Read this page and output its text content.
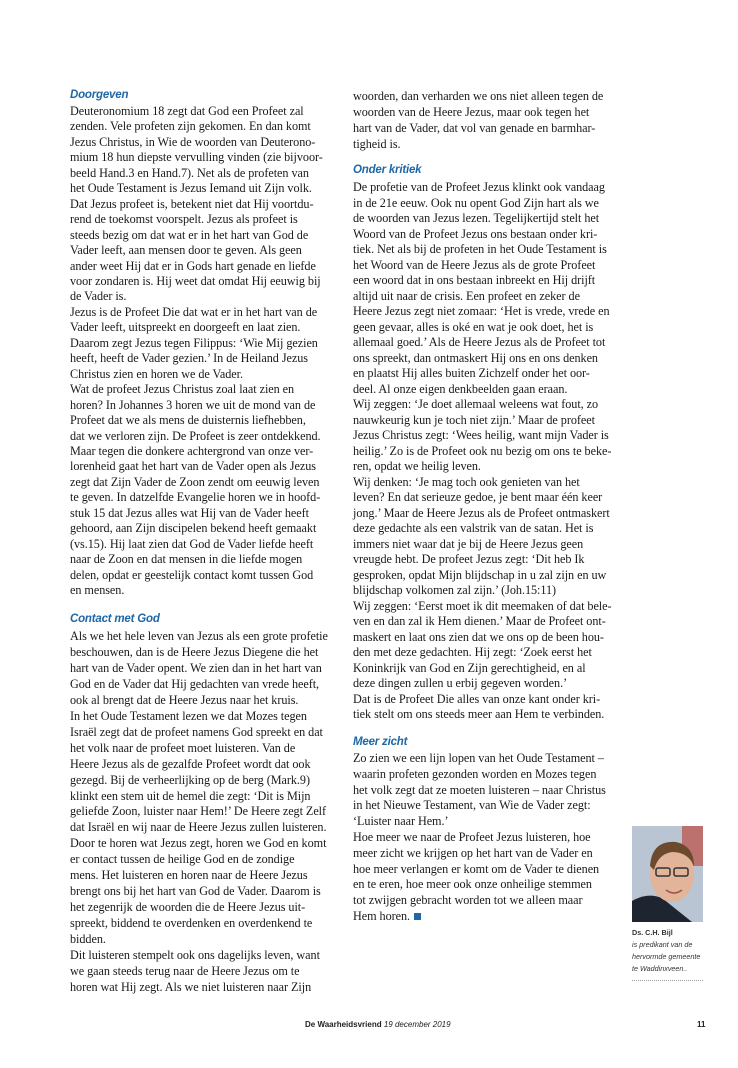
Doorgeven
Deuteronomium 18 zegt dat God een Profeet zal
zenden. Vele profeten zijn gekomen. En dan komt
Jezus Christus, in Wie de woorden van Deuterono-
mium 18 hun diepste vervulling vinden (zie bijvoor-
beeld Hand.3 en Hand.7). Net als de profeten van
het Oude Testament is Jezus Iemand uit Zijn volk.
Dat Jezus profeet is, betekent niet dat Hij voortdu-
rend de toekomst voorspelt. Jezus als profeet is
steeds bezig om dat wat er in het hart van God de
Vader leeft, aan mensen door te geven. Als geen
ander weet Hij dat er in Gods hart genade en liefde
voor zondaren is. Hij weet dat omdat Hij eeuwig bij
de Vader is.
Jezus is de Profeet Die dat wat er in het hart van de
Vader leeft, uitspreekt en doorgeeft en laat zien.
Daarom zegt Jezus tegen Filippus: ‘Wie Mij gezien
heeft, heeft de Vader gezien.’ In de Heiland Jezus
Christus zien en horen we de Vader.
Wat de profeet Jezus Christus zoal laat zien en
horen? In Johannes 3 horen we uit de mond van de
Profeet dat we als mens de duisternis liefhebben,
dat we verloren zijn. De Profeet is zeer ontdekkend.
Maar tegen die donkere achtergrond van onze ver-
lorenheid gaat het hart van de Vader open als Jezus
zegt dat Zijn Vader de Zoon zendt om eeuwig leven
te geven. In datzelfde Evangelie horen we in hoofd-
stuk 15 dat Jezus alles wat Hij van de Vader heeft
gehoord, aan Zijn discipelen bekend heeft gemaakt
(vs.15). Hij laat zien dat God de Vader liefde heeft
naar de Zoon en dat mensen in die liefde mogen
delen, opdat er geestelijk contact komt tussen God
en mensen.
Contact met God
Als we het hele leven van Jezus als een grote profetie
beschouwen, dan is de Heere Jezus Diegene die het
hart van de Vader opent. We zien dan in het hart van
God en de Vader dat Hij gedachten van vrede heeft,
ook al brengt dat de Heere Jezus naar het kruis.
In het Oude Testament lezen we dat Mozes tegen
Israël zegt dat de profeet namens God spreekt en dat
het volk naar de profeet moet luisteren. Van de
Heere Jezus als de gezalfde Profeet wordt dat ook
gezegd. Bij de verheerlijking op de berg (Mark.9)
klinkt een stem uit de hemel die zegt: ‘Dit is Mijn
geliefde Zoon, luister naar Hem!’ De Heere zegt Zelf
dat Israël en wij naar de Heere Jezus zullen luisteren.
Door te horen wat Jezus zegt, horen we God en komt
er contact tussen de heilige God en de zondige
mens. Het luisteren en horen naar de Heere Jezus
brengt ons bij het hart van God de Vader. Daarom is
het zegenrijk de woorden die de Heere Jezus uit-
spreekt, biddend te overdenken en overdenkend te
bidden.
Dit luisteren stempelt ook ons dagelijks leven, want
we gaan steeds terug naar de Heere Jezus om te
horen wat Hij zegt. Als we niet luisteren naar Zijn
woorden, dan verharden we ons niet alleen tegen de
woorden van de Heere Jezus, maar ook tegen het
hart van de Vader, dat vol van genade en barmhar-
tigheid is.
Onder kritiek
De profetie van de Profeet Jezus klinkt ook vandaag
in de 21e eeuw. Ook nu opent God Zijn hart als we
de woorden van Jezus lezen. Tegelijkertijd stelt het
Woord van de Profeet Jezus ons bestaan onder kri-
tiek. Net als bij de profeten in het Oude Testament is
het Woord van de Heere Jezus als de grote Profeet
een woord dat in ons bestaan inbreekt en Hij drijft
altijd uit naar de crisis. Een profeet en zeker de
Heere Jezus zegt niet zomaar: ‘Het is vrede, vrede en
geen gevaar, alles is oké en wat je ook doet, het is
allemaal goed.’ Als de Heere Jezus als de Profeet tot
ons spreekt, dan ontmaskert Hij ons en ons denken
en plaatst Hij alles buiten Zichzelf onder het oor-
deel. Al onze eigen denkbeelden gaan eraan.
Wij zeggen: ‘Je doet allemaal weleens wat fout, zo
nauwkeurig kun je toch niet zijn.’ Maar de profeet
Jezus Christus zegt: ‘Wees heilig, want mijn Vader is
heilig.’ Zo is de Profeet ook nu bezig om ons te beke-
ren, opdat we heilig leven.
Wij denken: ‘Je mag toch ook genieten van het
leven? En dat serieuze gedoe, je bent maar één keer
jong.’ Maar de Heere Jezus als de Profeet ontmaskert
deze gedachte als een valstrik van de satan. Het is
immers niet waar dat je bij de Heere Jezus geen
vreugde hebt. De profeet Jezus zegt: ‘Dit heb Ik
gesproken, opdat Mijn blijdschap in u zal zijn en uw
blijdschap volkomen zal zijn.’ (Joh.15:11)
Wij zeggen: ‘Eerst moet ik dit meemaken of dat bele-
ven en dan zal ik Hem dienen.’ Maar de Profeet ont-
maskert en laat ons zien dat we ons op de been hou-
den met deze gedachten. Hij zegt: ‘Zoek eerst het
Koninkrijk van God en Zijn gerechtigheid, en al
deze dingen zullen u erbij gegeven worden.’
Dat is de Profeet Die alles van onze kant onder kri-
tiek stelt om ons steeds meer aan Hem te verbinden.
Meer zicht
Zo zien we een lijn lopen van het Oude Testament –
waarin profeten gezonden worden en Mozes tegen
het volk zegt dat ze moeten luisteren – naar Christus
in het Nieuwe Testament, van Wie de Vader zegt:
‘Luister naar Hem.’
Hoe meer we naar de Profeet Jezus luisteren, hoe
meer zicht we krijgen op het hart van de Vader en
hoe meer verlangen er komt om de Vader te dienen
en te eren, hoe meer ook onze onheilige stemmen
tot zwijgen gebracht worden tot we alleen maar
Hem horen.
Ds. C.H. Bijl
is predikant van de
hervormde gemeente
te Waddinxveen..
De Waarheidsvriend 19 december 2019	11
